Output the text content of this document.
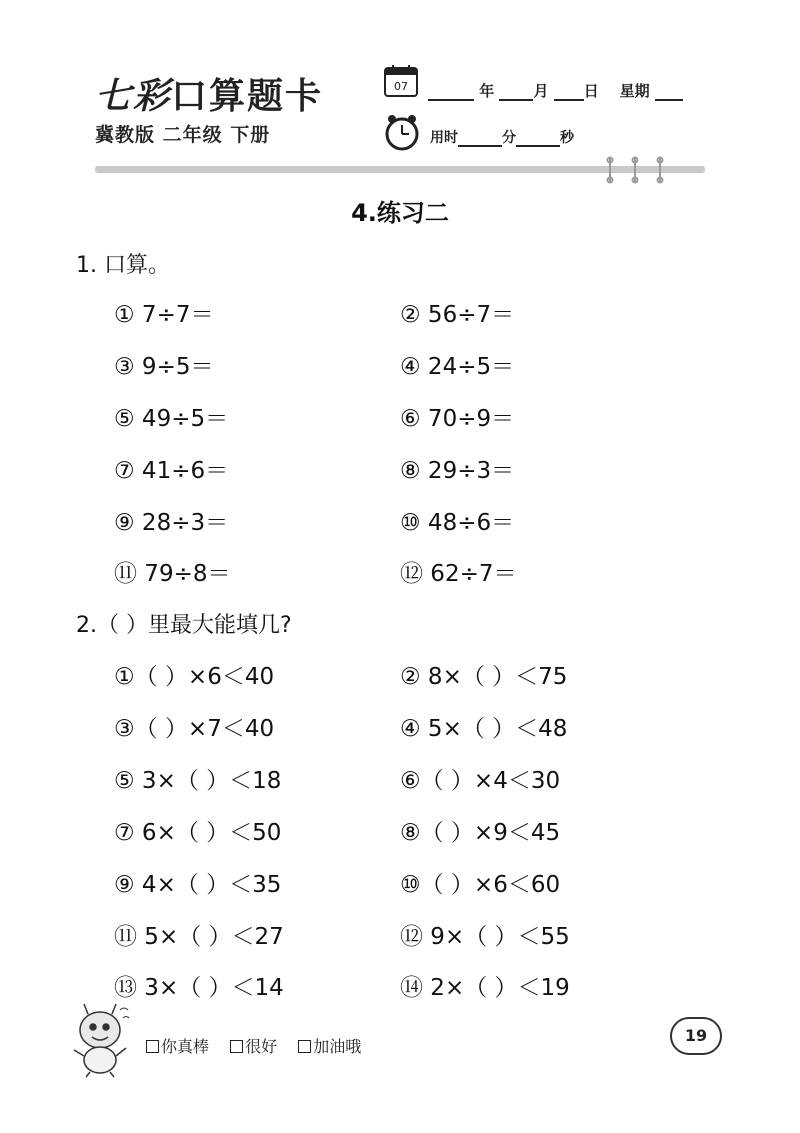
七彩口算题卡
冀教版 二年级 下册
07	年	月 日 星期
用时	分	秒
4.练习二
1. 口算。
① 7÷7＝	② 56÷7＝
③ 9÷5＝	④ 24÷5＝
⑤ 49÷5＝	⑥ 70÷9＝
⑦ 41÷6＝	⑧ 29÷3＝
⑨ 28÷3＝	⑩ 48÷6＝
⑪ 79÷8＝	⑫ 62÷7＝
2.（ ）里最大能填几?
①（ ）×6＜40	② 8×（ ）＜75
③（ ）×7＜40	④ 5×（ ）＜48
⑤ 3×（ ）＜18	⑥（ ）×4＜30
⑦ 6×（ ）＜50	⑧（ ）×9＜45
⑨ 4×（ ）＜35	⑩（ ）×6＜60
⑪ 5×（ ）＜27	⑫ 9×（ ）＜55
⑬ 3×（ ）＜14	⑭ 2×（ ）＜19
你真棒 很好 加油哦
19
